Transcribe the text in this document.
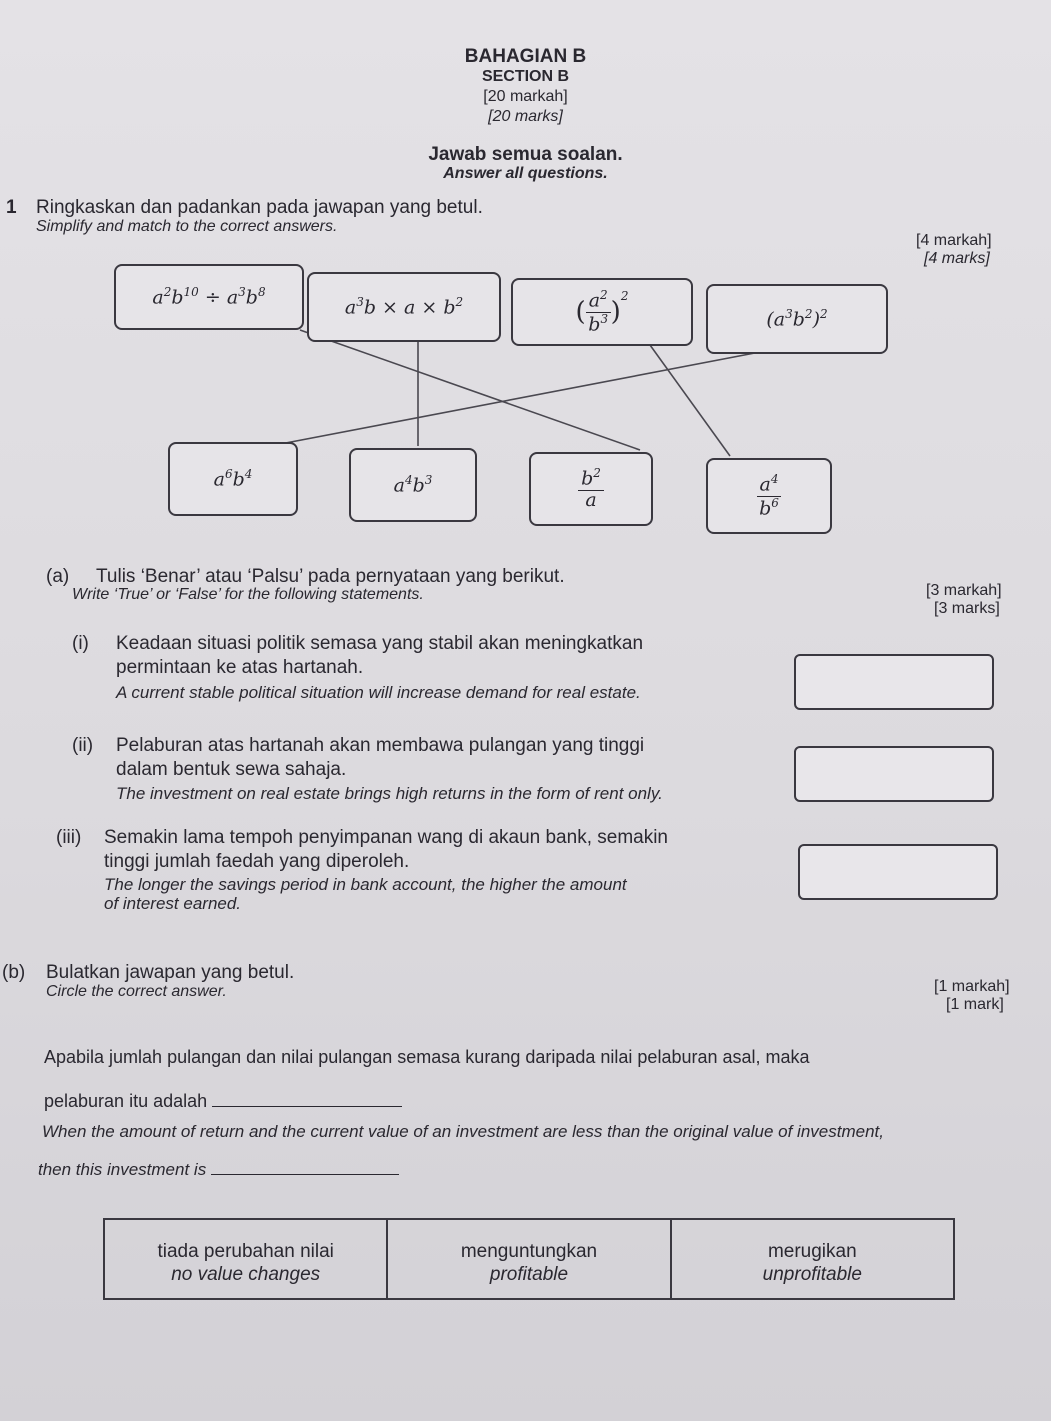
BAHAGIAN B
SECTION B
[20 markah]
[20 marks]
Jawab semua soalan.
Answer all questions.
1 Ringkaskan dan padankan pada jawapan yang betul.
Simplify and match to the correct answers.
[4 markah]
[4 marks]
$a^2b^{10} \div a^3b^8$
$a^3b \times a \times b^2$	( $\frac{a^2}{b^3}$ )
$^2$
$(a^3b^2)^2$
$a^6b^4$
$a^4b^3$	$\frac{b^2}{a}$	$\frac{a^4}{b^6}$
(a) Tulis ‘Benar’ atau ‘Palsu’ pada pernyataan yang berikut.
Write ‘True’ or ‘False’ for the following statements.	[3 markah]
[3 marks]
(i) Keadaan situasi politik semasa yang stabil akan meningkatkan
permintaan ke atas hartanah.
A current stable political situation will increase demand for real estate.
(ii) Pelaburan atas hartanah akan membawa pulangan yang tinggi
dalam bentuk sewa sahaja.
The investment on real estate brings high returns in the form of rent only.
(iii) Semakin lama tempoh penyimpanan wang di akaun bank, semakin
tinggi jumlah faedah yang diperoleh.
The longer the savings period in bank account, the higher the amount
of interest earned.
(b) Bulatkan jawapan yang betul.
Circle the correct answer.	[1 markah]
[1 mark]
Apabila jumlah pulangan dan nilai pulangan semasa kurang daripada nilai pelaburan asal, maka
pelaburan itu adalah
When the amount of return and the current value of an investment are less than the original value of investment,
then this investment is
tiada perubahan nilai
no value changes
menguntungkan
profitable
merugikan
unprofitable
